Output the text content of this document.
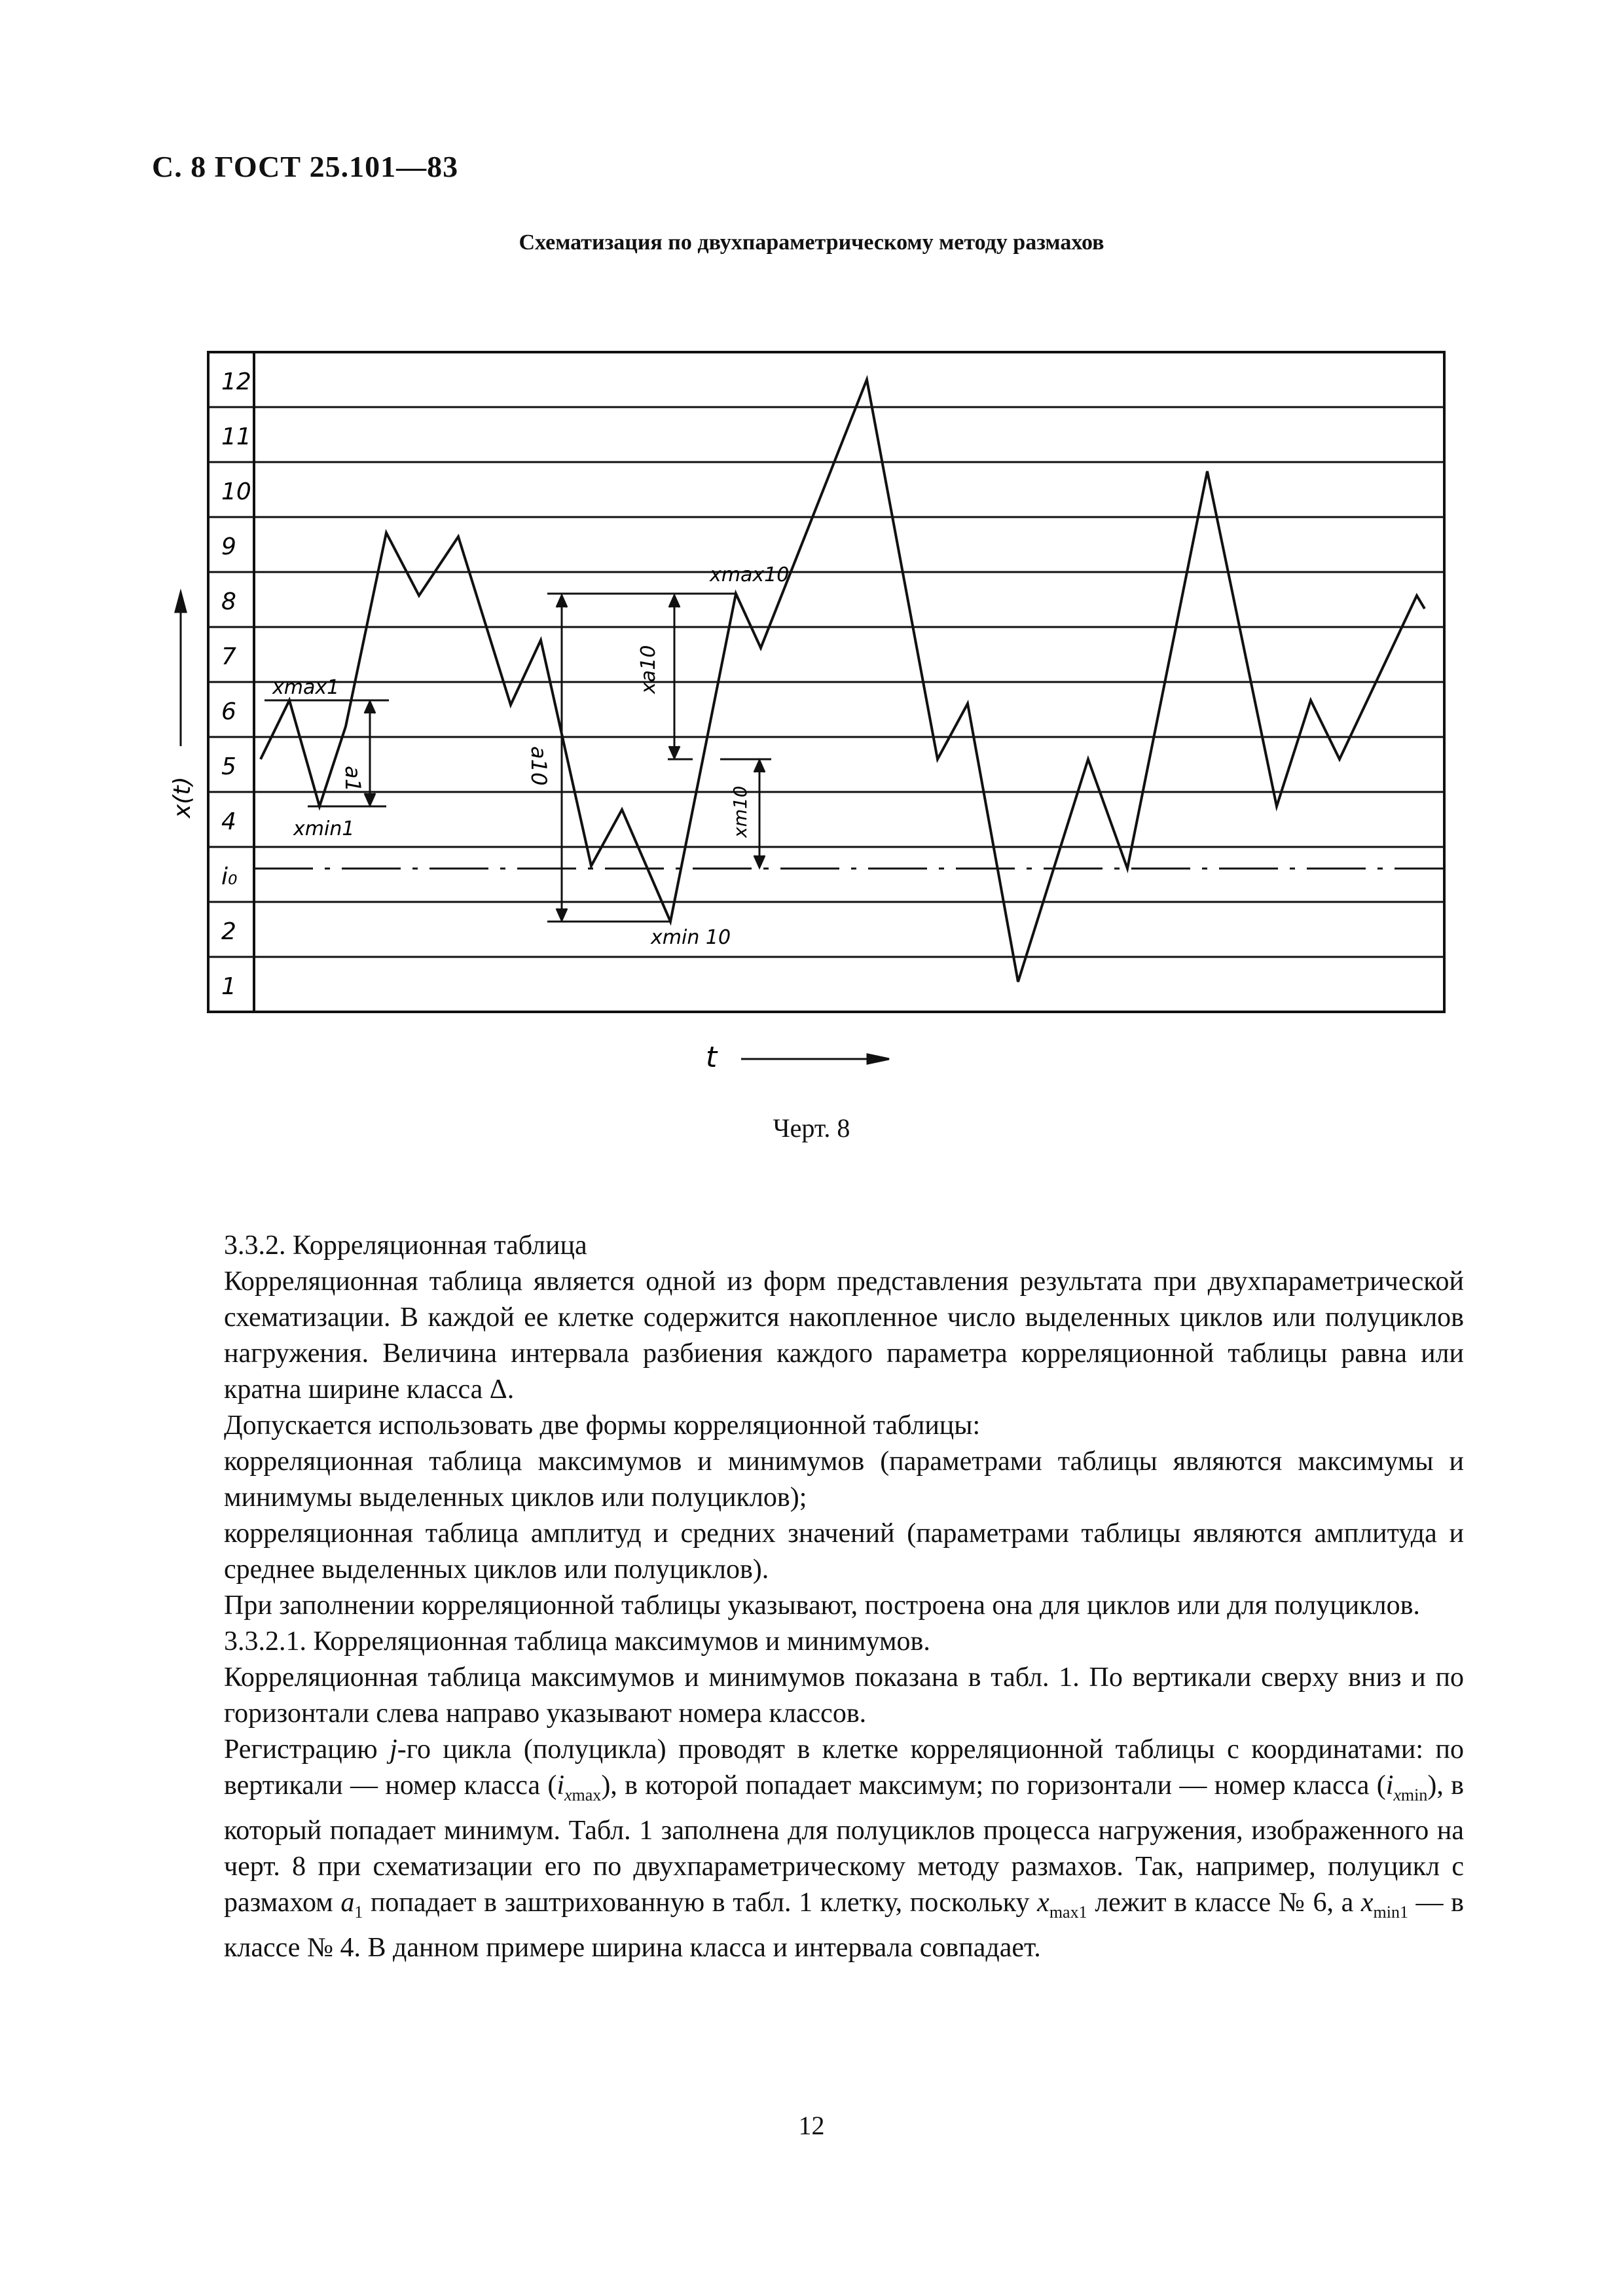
С. 8 ГОСТ 25.101—83
Схематизация по двухпараметрическому методу размахов
12
11
10
9
8
7
6
5
4
i₀
2
1
xmax1
xmin1
a1	a10
xa10
xm10
xmax10
xmin 10
x(t)
t
Черт. 8

3.3.2. Корреляционная таблица

Корреляционная таблица является одной из форм представления результата при двухпараметрической схематизации. В каждой ее клетке содержится накопленное число выделенных циклов или полуциклов нагружения. Величина интервала разбиения каждого параметра корреляционной таблицы равна или кратна ширине класса Δ.

Допускается использовать две формы корреляционной таблицы:

корреляционная таблица максимумов и минимумов (параметрами таблицы являются максимумы и минимумы выделенных циклов или полуциклов);

корреляционная таблица амплитуд и средних значений (параметрами таблицы являются амплитуда и среднее выделенных циклов или полуциклов).

При заполнении корреляционной таблицы указывают, построена она для циклов или для полуциклов.

3.3.2.1. Корреляционная таблица максимумов и минимумов.

Корреляционная таблица максимумов и минимумов показана в табл. 1. По вертикали сверху вниз и по горизонтали слева направо указывают номера классов.

Регистрацию j-го цикла (полуцикла) проводят в клетке корреляционной таблицы с координатами: по вертикали — номер класса $(i_{xmax})$, в которой попадает максимум; по горизонтали — номер класса $(i_{xmin})$, в который попадает минимум. Табл. 1 заполнена для полуциклов процесса нагружения, изображенного на черт. 8 при схематизации его по двухпараметрическому методу размахов. Так, например, полуцикл с размахом $a_1$ попадает в заштрихованную в табл. 1 клетку, поскольку $x_{max1}$ лежит в классе № 6, а $x_{min1}$ — в классе № 4. В данном примере ширина класса и интервала совпадает.

12
